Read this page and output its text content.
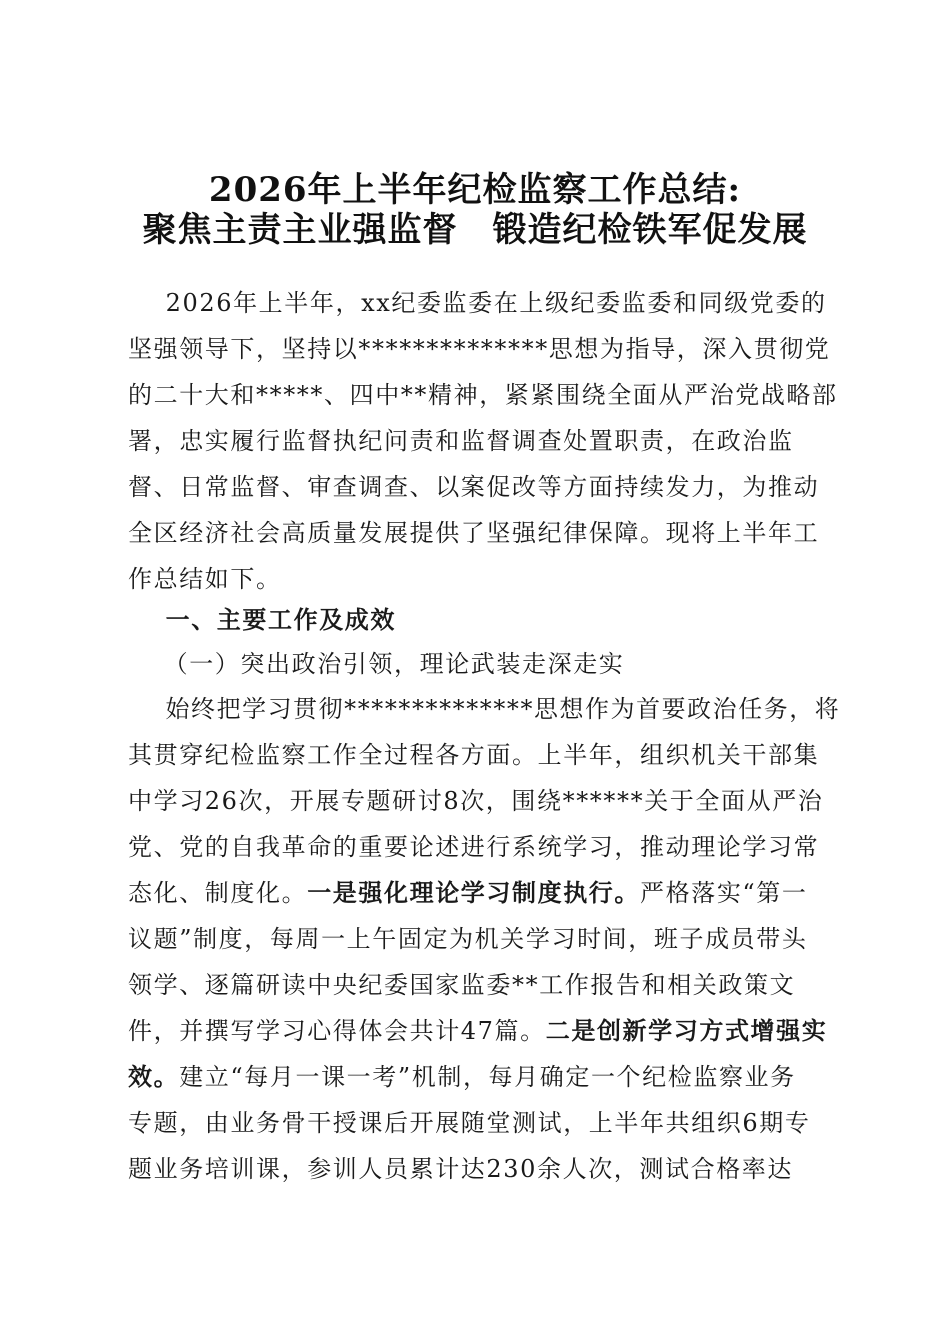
2026年上半年纪检监察工作总结:
聚焦主责主业强监督　锻造纪检铁军促发展
　2026年上半年，xx纪委监委在上级纪委监委和同级党委的
坚强领导下，坚持以**************思想为指导，深入贯彻党
的二十大和*****、四中**精神，紧紧围绕全面从严治党战略部
署，忠实履行监督执纪问责和监督调查处置职责，在政治监
督、日常监督、审查调查、以案促改等方面持续发力，为推动
全区经济社会高质量发展提供了坚强纪律保障。现将上半年工
作总结如下。
　一、主要工作及成效
　（一）突出政治引领，理论武装走深走实
　始终把学习贯彻**************思想作为首要政治任务，将
其贯穿纪检监察工作全过程各方面。上半年，组织机关干部集
中学习26次，开展专题研讨8次，围绕******关于全面从严治
党、党的自我革命的重要论述进行系统学习，推动理论学习常
态化、制度化。一是强化理论学习制度执行。严格落实“第一
议题”制度，每周一上午固定为机关学习时间，班子成员带头
领学、逐篇研读中央纪委国家监委**工作报告和相关政策文
件，并撰写学习心得体会共计47篇。二是创新学习方式增强实
效。建立“每月一课一考”机制，每月确定一个纪检监察业务
专题，由业务骨干授课后开展随堂测试，上半年共组织6期专
题业务培训课，参训人员累计达230余人次，测试合格率达
